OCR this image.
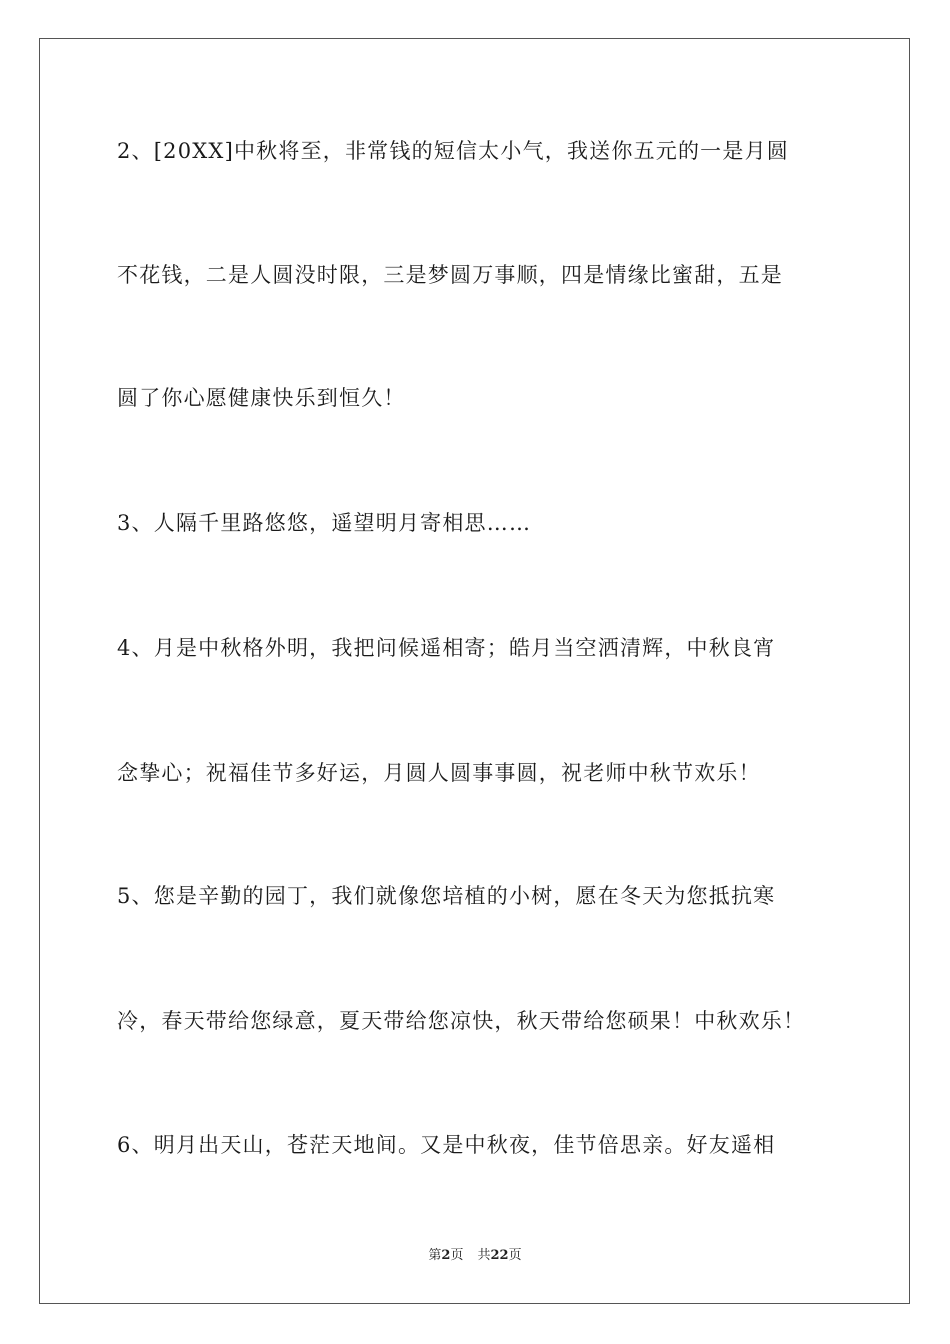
2、[20XX]中秋将至，非常钱的短信太小气，我送你五元的一是月圆
不花钱，二是人圆没时限，三是梦圆万事顺，四是情缘比蜜甜，五是
圆了你心愿健康快乐到恒久！
3、人隔千里路悠悠，遥望明月寄相思……
4、月是中秋格外明，我把问候遥相寄；皓月当空洒清辉，中秋良宵
念挚心；祝福佳节多好运，月圆人圆事事圆，祝老师中秋节欢乐！
5、您是辛勤的园丁，我们就像您培植的小树，愿在冬天为您抵抗寒
冷，春天带给您绿意，夏天带给您凉快，秋天带给您硕果！中秋欢乐！
6、明月出天山，苍茫天地间。又是中秋夜，佳节倍思亲。好友遥相
第2页 共22页
